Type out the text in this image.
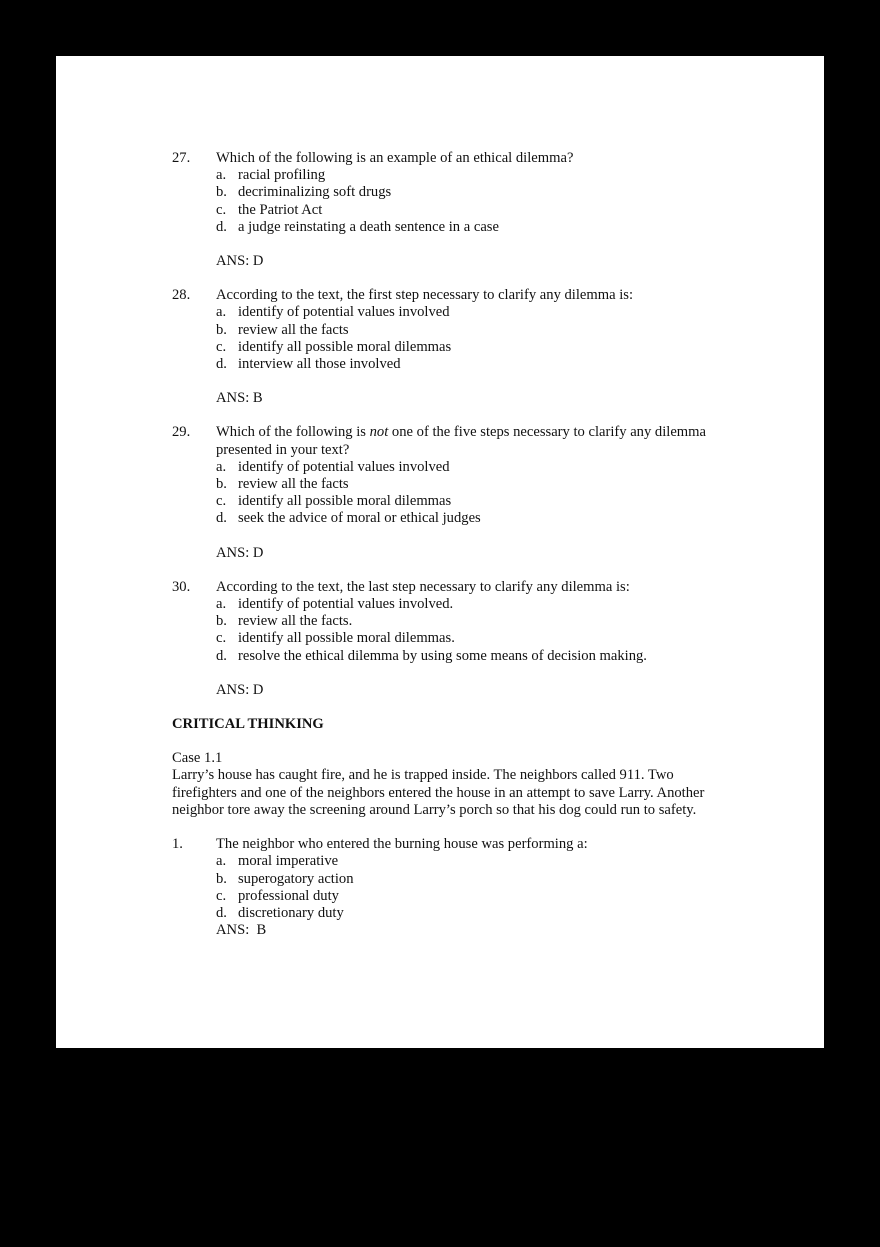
27.	Which of the following is an example of an ethical dilemma?
a. racial profiling
b. decriminalizing soft drugs
c. the Patriot Act
d. a judge reinstating a death sentence in a case
ANS: D
28.	According to the text, the first step necessary to clarify any dilemma is:
a. identify of potential values involved
b. review all the facts
c. identify all possible moral dilemmas
d. interview all those involved
ANS: B
29.	Which of the following is not one of the five steps necessary to clarify any dilemma presented in your text?
a. identify of potential values involved
b. review all the facts
c. identify all possible moral dilemmas
d. seek the advice of moral or ethical judges
ANS: D
30.	According to the text, the last step necessary to clarify any dilemma is:
a. identify of potential values involved.
b. review all the facts.
c. identify all possible moral dilemmas.
d. resolve the ethical dilemma by using some means of decision making.
ANS: D
CRITICAL THINKING
Case 1.1
Larry’s house has caught fire, and he is trapped inside. The neighbors called 911. Two firefighters and one of the neighbors entered the house in an attempt to save Larry. Another neighbor tore away the screening around Larry’s porch so that his dog could run to safety.
1.	The neighbor who entered the burning house was performing a:
a. moral imperative
b. superogatory action
c. professional duty
d. discretionary duty
ANS:  B
